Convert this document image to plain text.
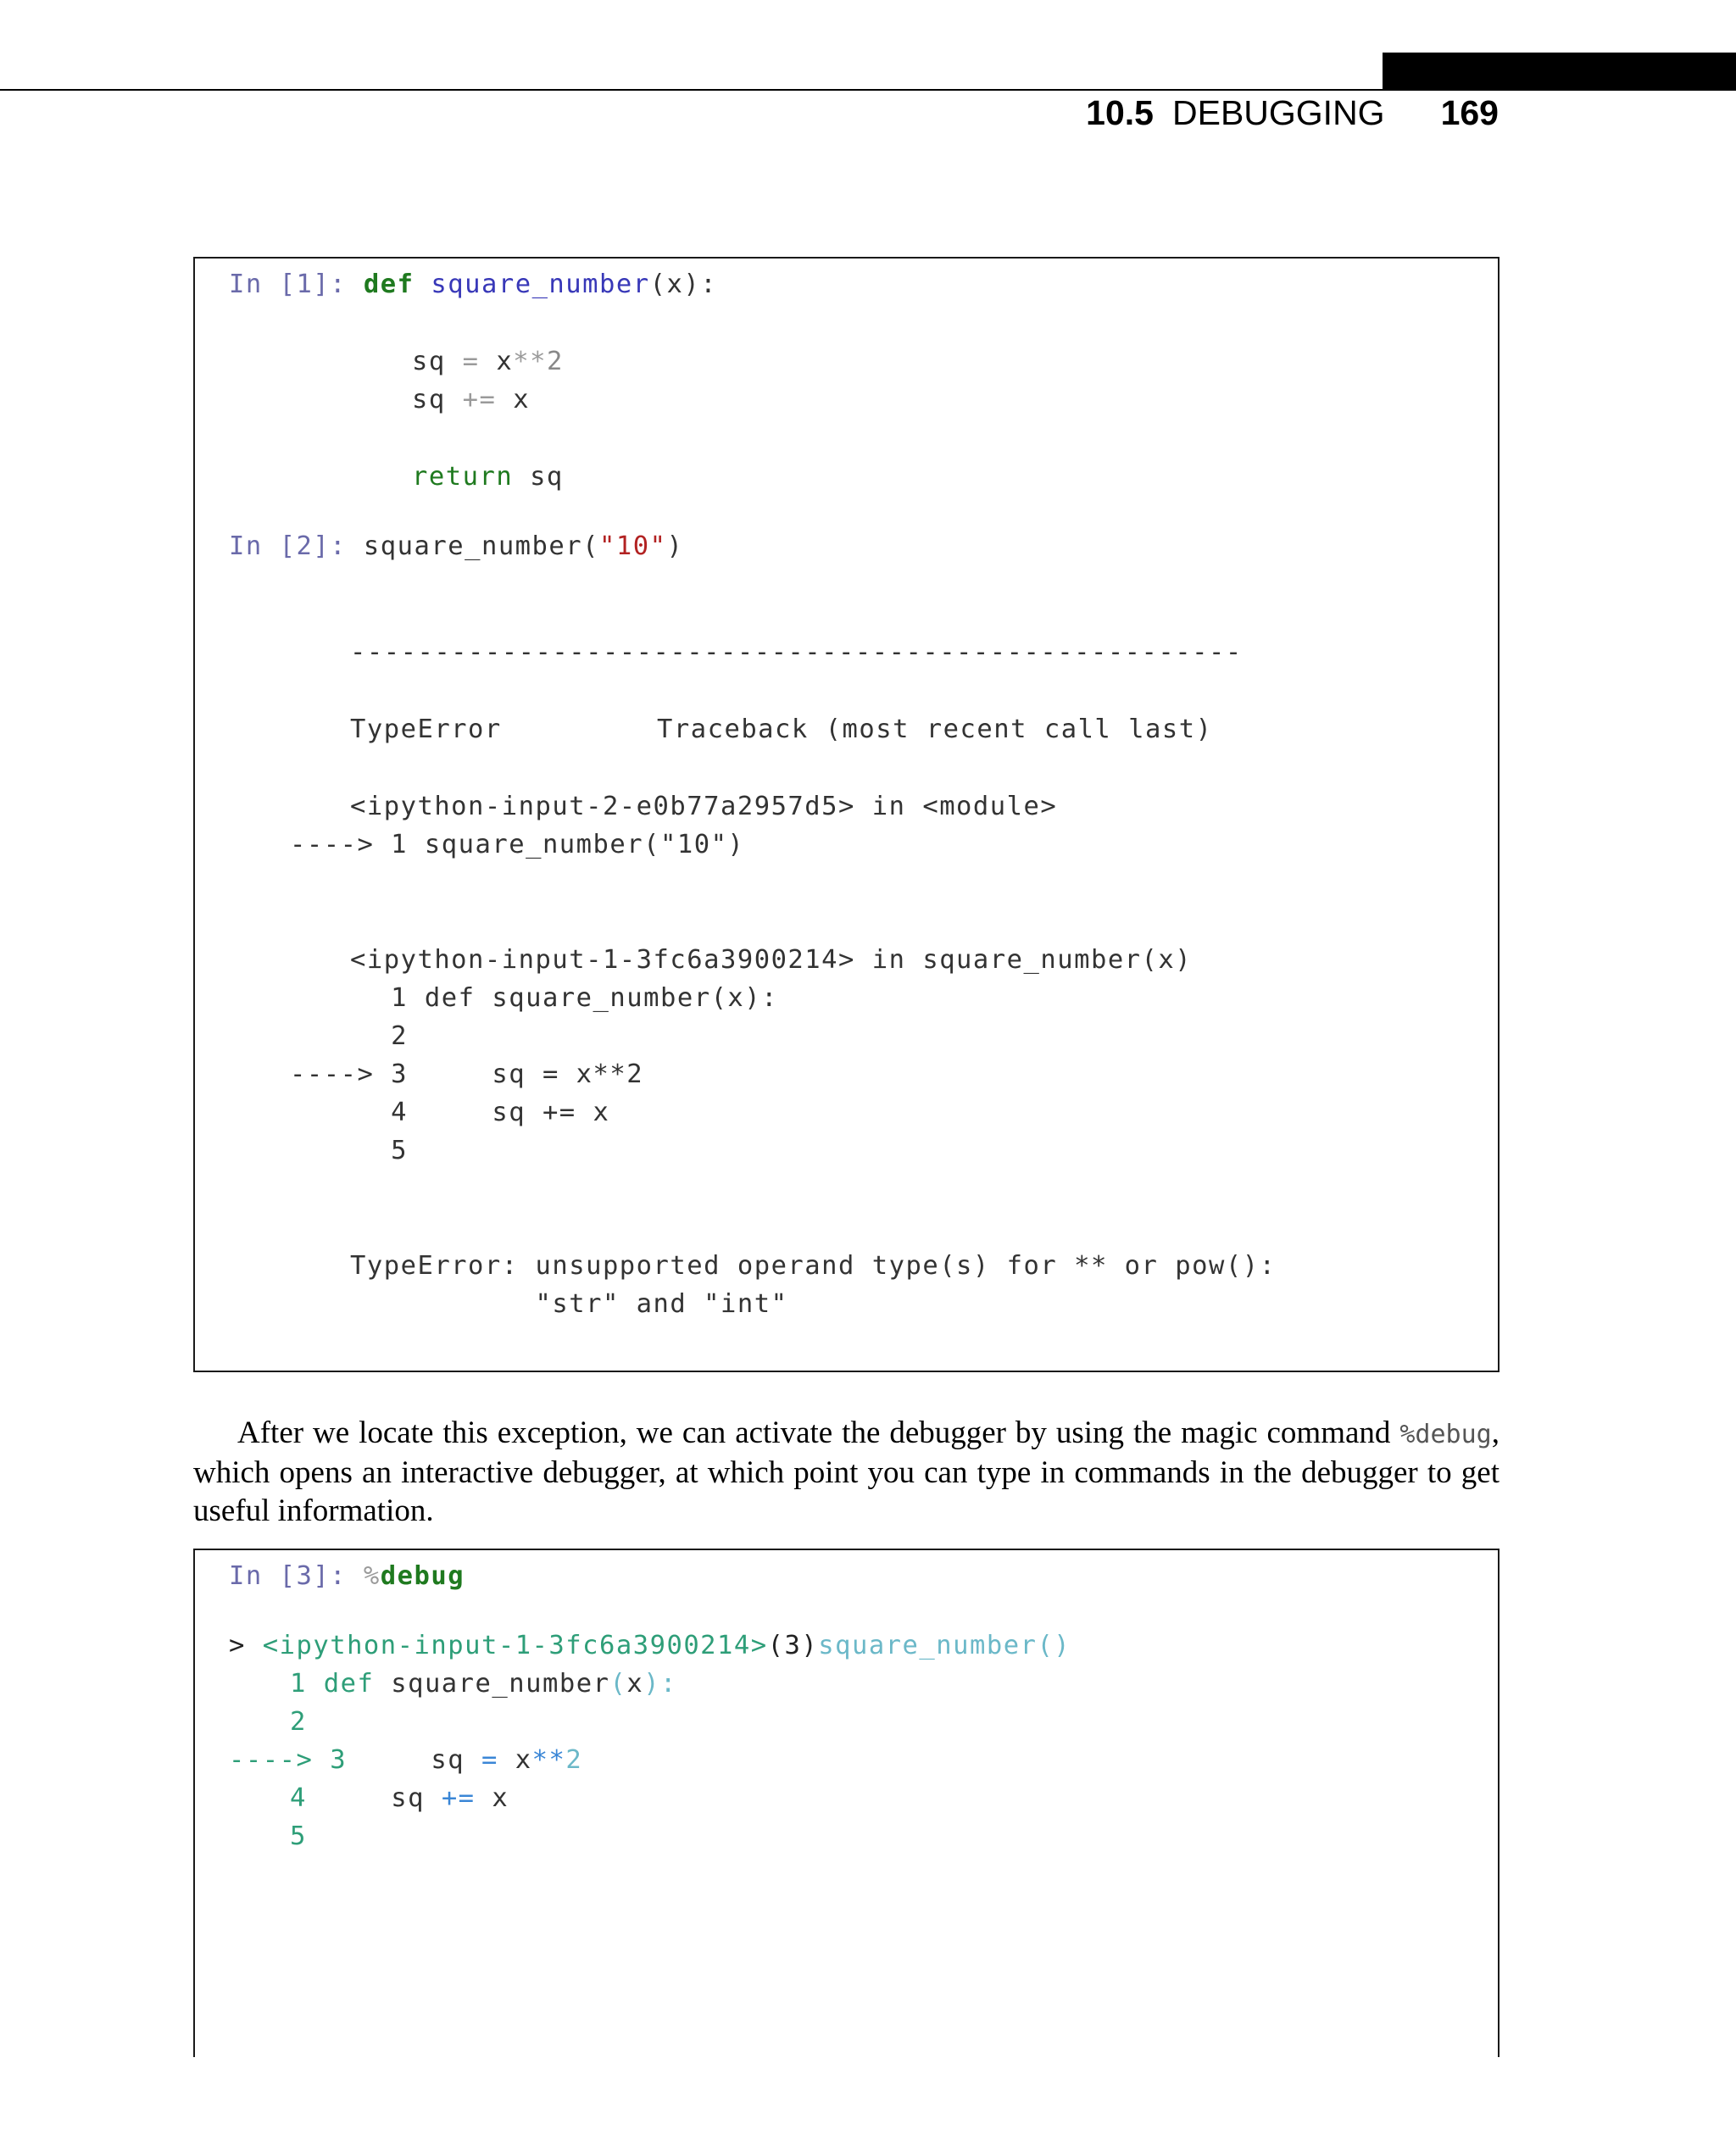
10.5 DEBUGGING 169
In [1]: def square_number(x):
sq = x**2
sq += x
return sq
In [2]: square_number("10")
-----------------------------------------------------
TypeError	Traceback (most recent call last)
<ipython-input-2-e0b77a2957d5> in <module>
----> 1 square_number("10")
<ipython-input-1-3fc6a3900214> in square_number(x)
1 def square_number(x):
2
----> 3     sq = x**2
4     sq += x
5
TypeError: unsupported operand type(s) for ** or pow():
"str" and "int"
After we locate this exception, we can activate the debugger by using the magic command %debug, which opens an interactive debugger, at which point you can type in commands in the debugger to get useful information.
In [3]: %debug
> <ipython-input-1-3fc6a3900214>(3)square_number()
1 def square_number(x):
2
----> 3	sq = x**2
4	sq += x
5
